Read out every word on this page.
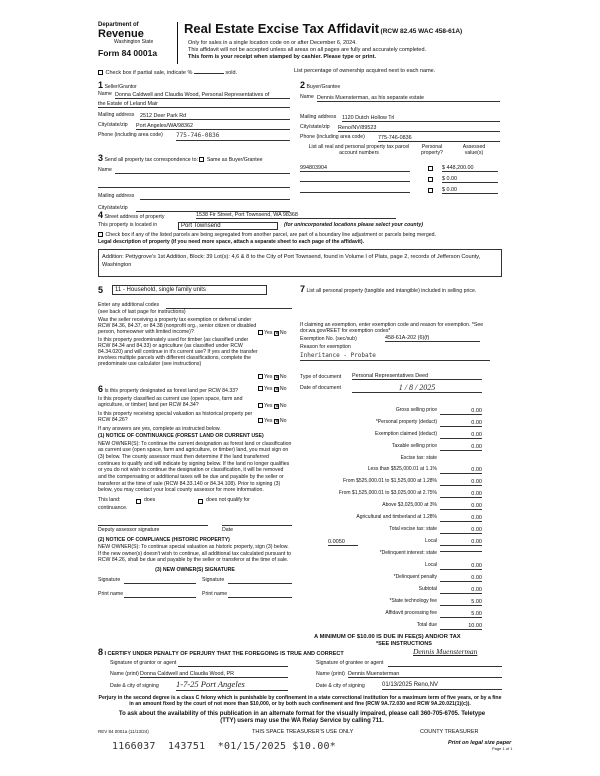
Department of
Revenue
Washington State
Form 84 0001a
Real Estate Excise Tax Affidavit (RCW 82.45 WAC 458-61A)
Only for sales in a single location code on or after December 6, 2024.
This affidavit will not be accepted unless all areas on all pages are fully and accurately completed.
This form is your receipt when stamped by cashier. Please type or print.
Check box if partial sale, indicate %	sold.	List percentage of ownership acquired next to each name.
1 Seller/Grantor
Name Donna Caldwell and Claudia Wood, Personal Representatives of
the Estate of Leland Mair
Mailing address 2512 Deer Park Rd
City/state/zip Port Angeles/WA/98362
Phone (including area code) 775-746-0836
2 Buyer/Grantee
Name Dennis Muensterman, as his separate estate
Mailing address 1120 Dutch Hollow Trl
City/state/zip Reno/NV/89523
Phone (including area code) 775-746-0836
3 Send all property tax correspondence to: Same as Buyer/Grantee
Name
Mailing address
City/state/zip
List all real and personal property tax parcel account numbers
Personal property?
Assessed value(s)
994803904	$ 448,200.00
$ 0.00
$ 0.00
4 Street address of property	1538 Fir Street, Port Townsend, WA 98368
This property is located in	Port Townsend	(for unincorporated locations please select your county)
Check box if any of the listed parcels are being segregated from another parcel, are part of a boundary line adjustment or parcels being merged.
Legal description of property (if you need more space, attach a separate sheet to each page of the affidavit).
Addition: Pettygrove's 1st Addition, Block: 39 Lot(s): 4,6 & 8 to the City of Port Townsend, found in Volume I of Plats, page 2, records of Jefferson County, Washington
5	11 - Household, single family units
Enter any additional codes
(see back of last page for instructions)
Was the seller receiving a property tax exemption or deferral under RCW 84.36, 84.37, or 84.38 (nonprofit org., senior citizen or disabled person, homeowner with limited income)?	Yes ✕ No
Is this property predominately used for timber (as classified under RCW 84.34 and 84.33) or agriculture (as classified under RCW 84.34.020) and will continue in it's current use? If yes and the transfer involves multiple parcels with different classifications, complete the predominate use calculator (see instructions)
Yes ✕ No
6 Is this property designated as forest land per RCW 84.33?	Yes ✕ No
Is this property classified as current use (open space, farm and agriculture, or timber) land per RCW 84.34?	Yes ✕ No
Is this property receiving special valuation as historical property per RCW 84.26?	Yes ✕ No
If any answers are yes, complete as instructed below.
(1) NOTICE OF CONTINUANCE (FOREST LAND OR CURRENT USE)
NEW OWNER(S): To continue the current designation as forest land or classification as current use (open space, farm and agriculture, or timber) land, you must sign on (3) below. The county assessor must then determine if the land transferred continues to qualify and will indicate by signing below. If the land no longer qualifies or you do not wish to continue the designation or classification, it will be removed and the compensating or additional taxes will be due and payable by the seller or transferor at the time of sale (RCW 84.33.140 or 84.34.108). Prior to signing (3) below, you may contact your local county assessor for more information.
This land:	does	does not qualify for
continuance.
Deputy assessor signature	Date
(2) NOTICE OF COMPLIANCE (HISTORIC PROPERTY)
NEW OWNER(S): To continue special valuation as historic property, sign (3) below. If the new owner(s) doesn't wish to continue, all additional tax calculated pursuant to RCW 84.26, shall be due and payable by the seller or transferor at the time of sale.
(3) NEW OWNER(S) SIGNATURE
Signature	Signature
Print name	Print name
7 List all personal property (tangible and intangible) included in selling price.
If claiming an exemption, enter exemption code and reason for exemption. *See dor.wa.gov/REET for exemption codes*
Exemption No. (sec/sub)	458-61A-202 (6)(f)
Reason for exemption
Inheritance - Probate
Type of document Personal Representatives Deed
Date of document	1 / 8 / 2025
Gross selling price	0.00
*Personal property (deduct)	0.00
Exemption claimed (deduct)	0.00
Taxable selling price	0.00
Excise tax: state
Less than $525,000.01 at 1.1%	0.00
From $525,000.01 to $1,525,000 at 1.28%	0.00
From $1,525,000.01 to $3,025,000 at 2.75%	0.00
Above $3,025,000 at 3%	0.00
Agricultural and timberland at 1.28%	0.00
Total excise tax: state	0.00
0.0050	Local	0.00
*Delinquent interest: state
Local	0.00
*Delinquent penalty	0.00
Subtotal	0.00
*State technology fee	5.00
Affidavit processing fee	5.00
Total due	10.00
A MINIMUM OF $10.00 IS DUE IN FEE(S) AND/OR TAX
*SEE INSTRUCTIONS
8 I CERTIFY UNDER PENALTY OF PERJURY THAT THE FOREGOING IS TRUE AND CORRECT	Dennis Muensterman
Signature of grantor or agent	Signature of grantee or agent
Name (print) Donna Caldwell and Claudia Wood, PR	Name (print) Dennis Muensterman
Date & city of signing 1-7-25 Port Angeles	Date & city of signing	01/13/2025 Reno,NV
Perjury in the second degree is a class C felony which is punishable by confinement in a state correctional institution for a maximum term of five years, or by a fine in an amount fixed by the court of not more than $10,000, or by both such confinement and fine (RCW 9A.72.030 and RCW 9A.20.021(1)(c)).
To ask about the availability of this publication in an alternate format for the visually impaired, please call 360-705-6705. Teletype (TTY) users may use the WA Relay Service by calling 711.
REV 84 0001a (11/13/24)	THIS SPACE TREASURER'S USE ONLY	COUNTY TREASURER
1166037  143751  *01/15/2025 $10.00*	Print on legal size paper
Page 1 of 1
